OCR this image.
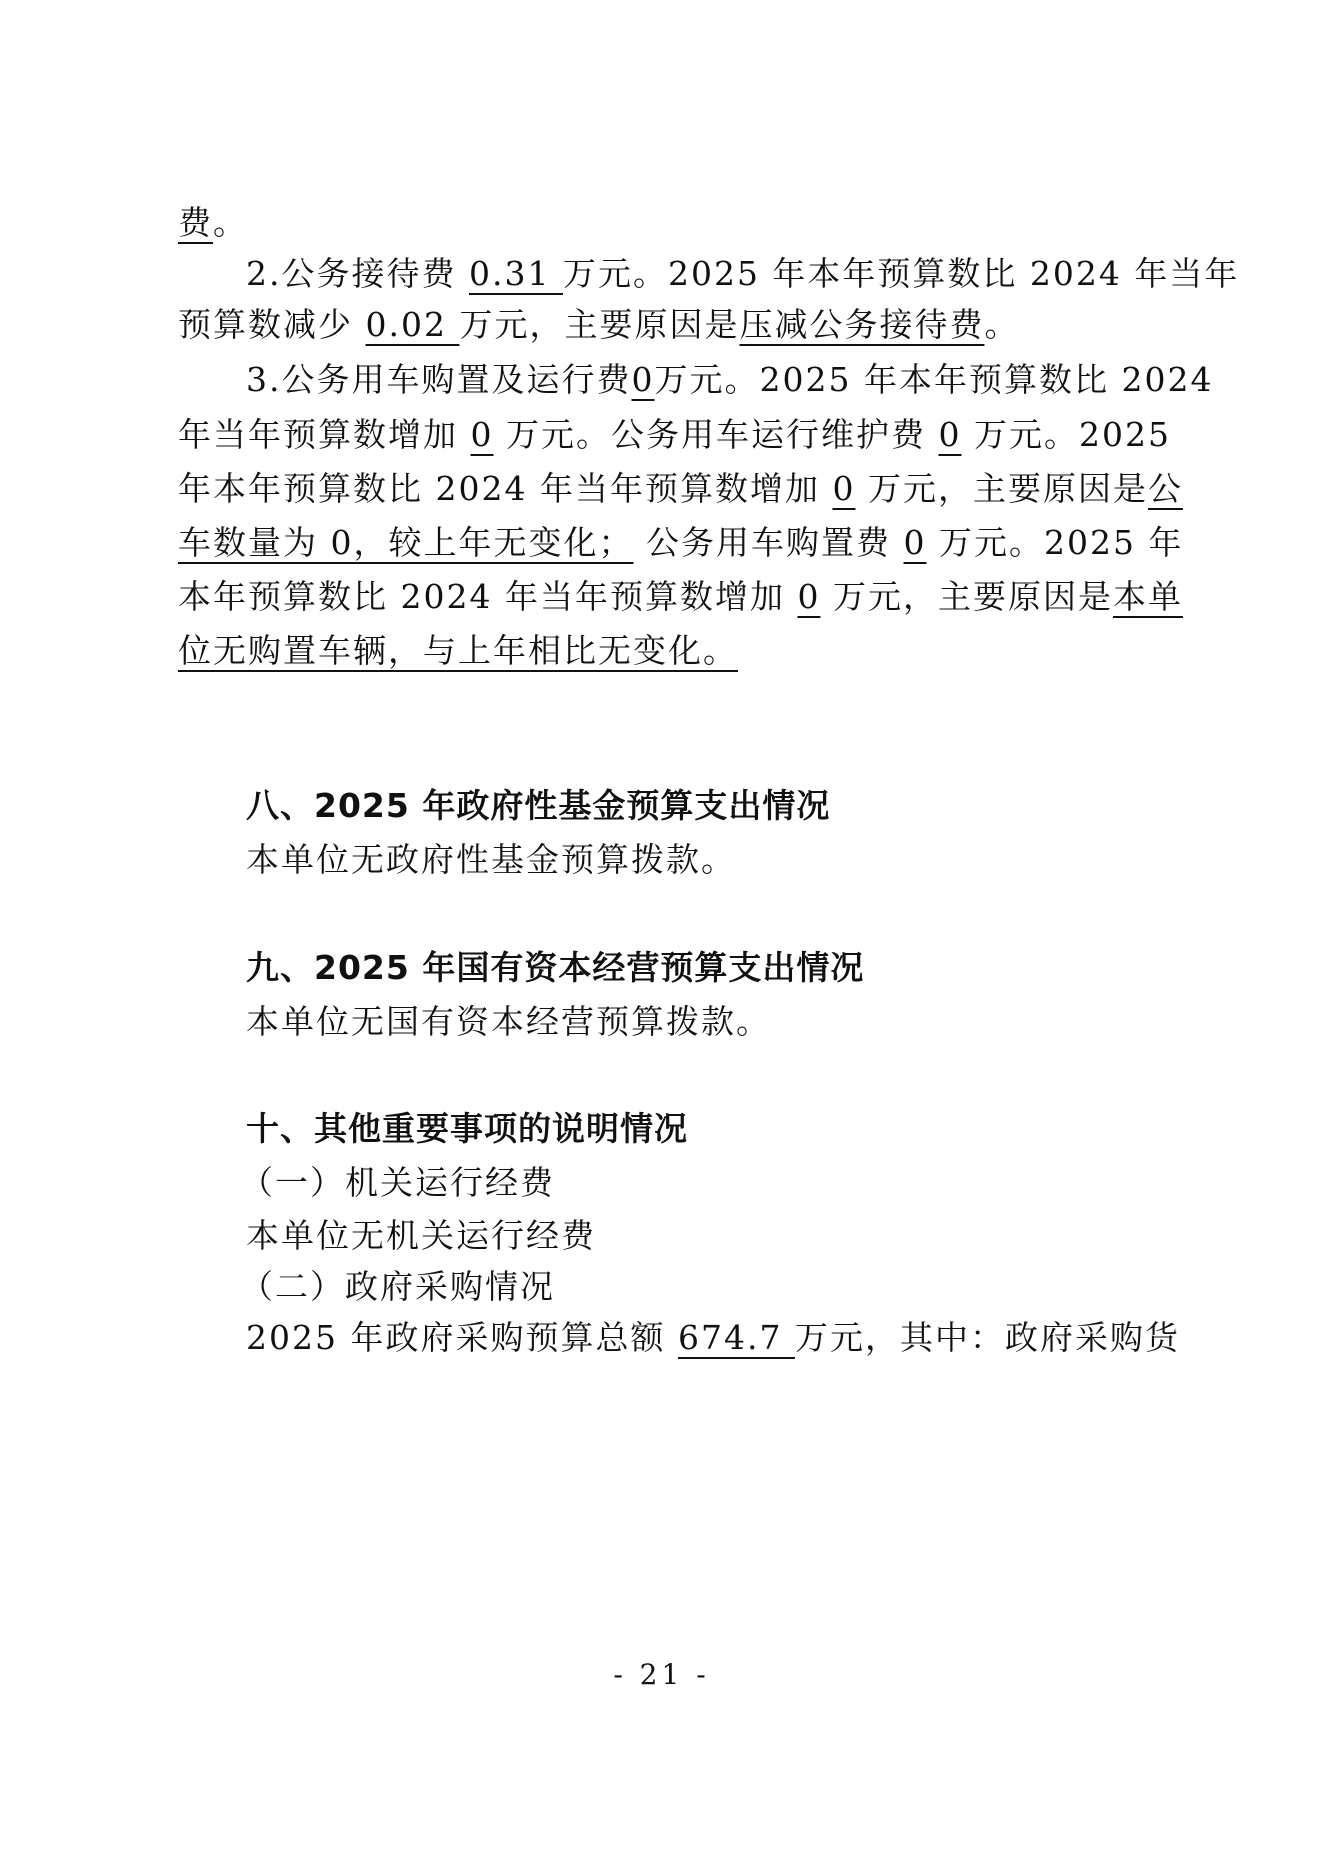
费。
2.公务接待费 0.31 万元。2025 年本年预算数比 2024 年当年
预算数减少 0.02 万元，主要原因是压减公务接待费。
3.公务用车购置及运行费0万元。2025 年本年预算数比 2024
年当年预算数增加 0 万元。公务用车运行维护费 0 万元。2025
年本年预算数比 2024 年当年预算数增加 0 万元，主要原因是公
车数量为 0，较上年无变化； 公务用车购置费 0 万元。2025 年
本年预算数比 2024 年当年预算数增加 0 万元，主要原因是本单
位无购置车辆，与上年相比无变化。
八、2025 年政府性基金预算支出情况
本单位无政府性基金预算拨款。
九、2025 年国有资本经营预算支出情况
本单位无国有资本经营预算拨款。
十、其他重要事项的说明情况
（一）机关运行经费
本单位无机关运行经费
（二）政府采购情况
2025 年政府采购预算总额 674.7 万元，其中：政府采购货
- 21 -
